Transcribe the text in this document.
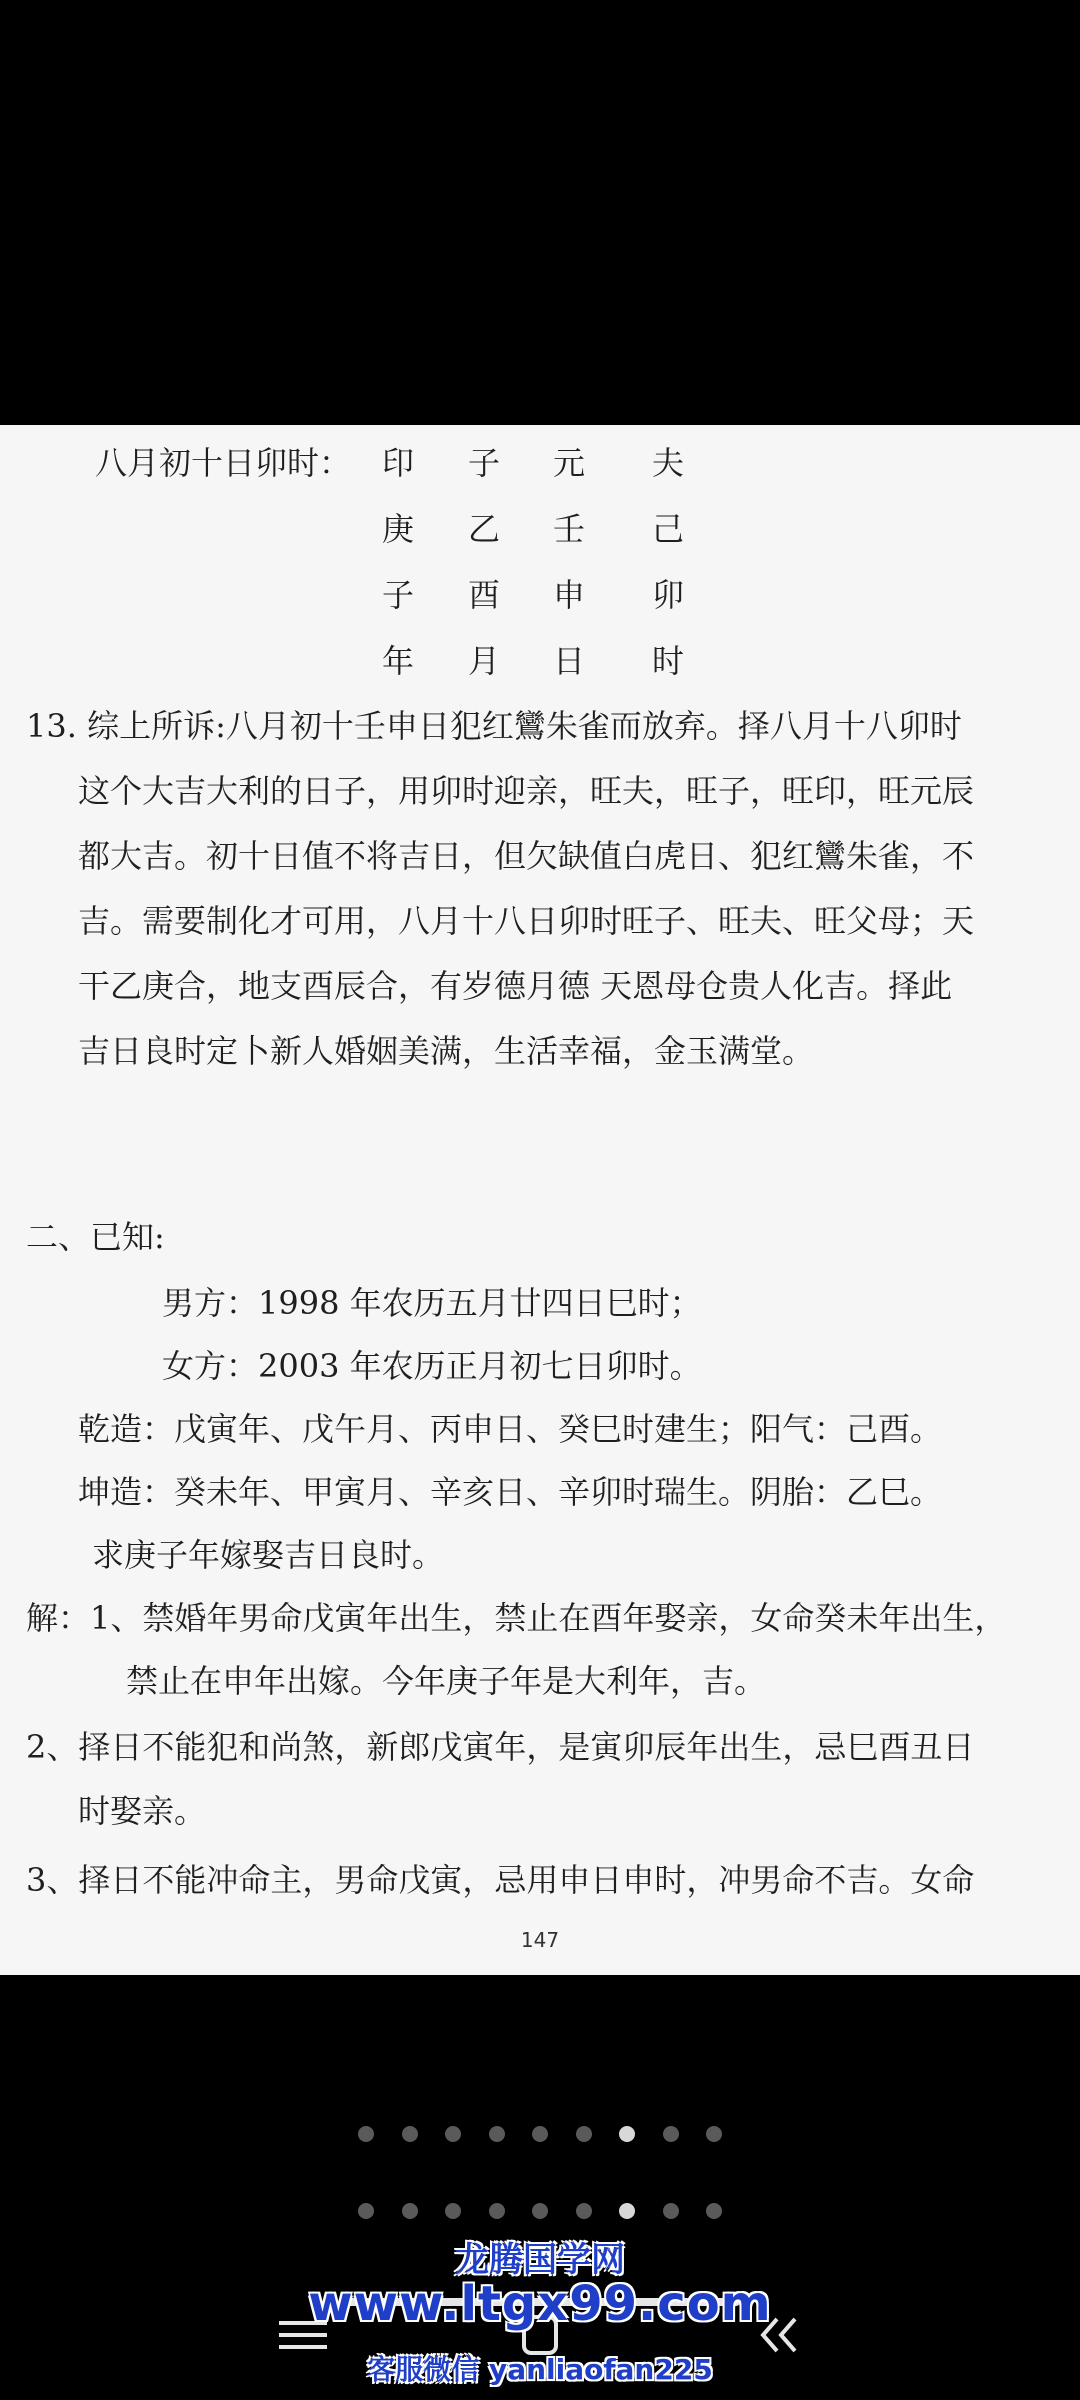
八月初十日卯时： 印
庚
子
年
子
乙
酉
月
元
壬
申
日
夫
己
卯
时
13. 综上所诉:八月初十壬申日犯红鸞朱雀而放弃。择八月十八卯时
这个大吉大利的日子，用卯时迎亲，旺夫，旺子，旺印，旺元辰
都大吉。初十日值不将吉日，但欠缺值白虎日、犯红鸞朱雀，不
吉。需要制化才可用，八月十八日卯时旺子、旺夫、旺父母；天
干乙庚合，地支酉辰合，有岁德月德 天恩母仓贵人化吉。择此
吉日良时定卜新人婚姻美满，生活幸福，金玉满堂。
二、已知:
男方：1998 年农历五月廿四日巳时；
女方：2003 年农历正月初七日卯时。
乾造：戊寅年、戊午月、丙申日、癸巳时建生；阳气：己酉。
坤造：癸未年、甲寅月、辛亥日、辛卯时瑞生。阴胎：乙巳。
求庚子年嫁娶吉日良时。
解：1、禁婚年男命戊寅年出生，禁止在酉年娶亲，女命癸未年出生，
禁止在申年出嫁。今年庚子年是大利年，吉。
2、择日不能犯和尚煞，新郎戊寅年，是寅卯辰年出生，忌巳酉丑日
时娶亲。
3、择日不能冲命主，男命戊寅，忌用申日申时，冲男命不吉。女命
147
龙腾国学网
www.ltgx99.com
客服微信 yanliaofan225
